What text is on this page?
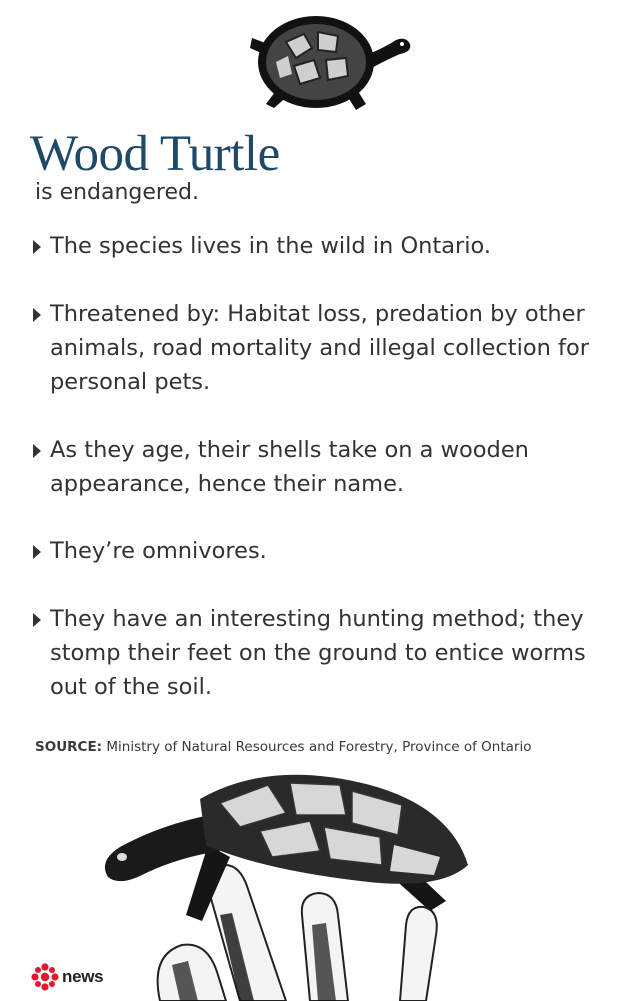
Wood Turtle

is endangered.

The species lives in the wild in Ontario.
Threatened by: Habitat loss, predation by other animals, road mortality and illegal collection for personal pets.
As they age, their shells take on a wooden appearance, hence their name.
They’re omnivores.
They have an interesting hunting method; they stomp their feet on the ground to entice worms out of the soil.

SOURCE: Ministry of Natural Resources and Forestry, Province of Ontario

news
